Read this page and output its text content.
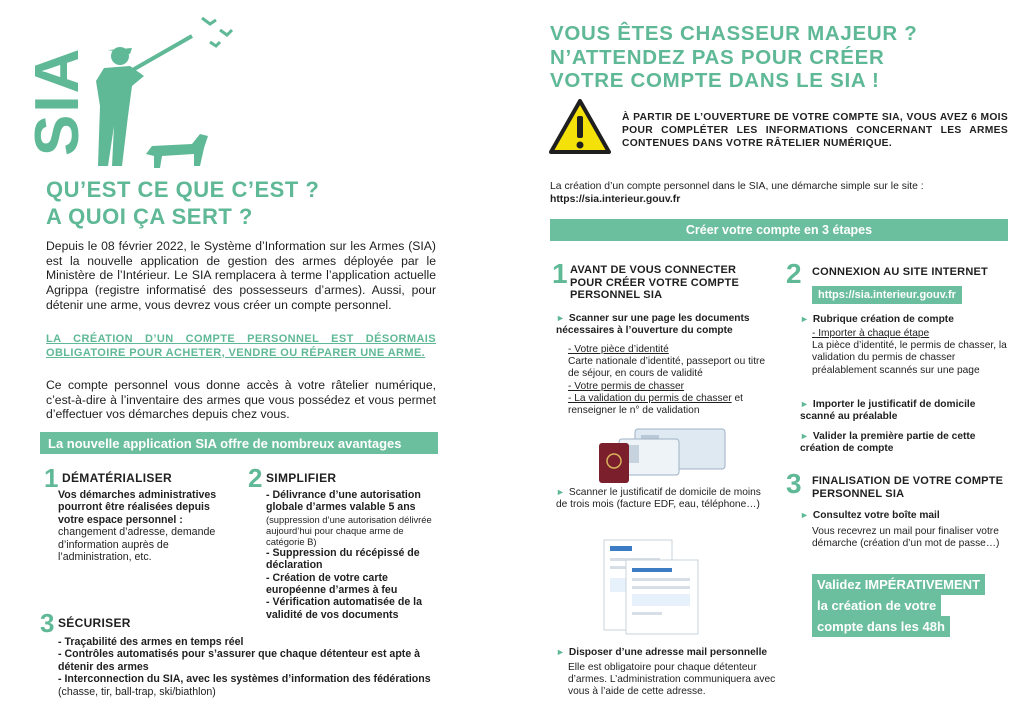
SIA
QU’EST CE QUE C’EST ?
A QUOI ÇA SERT ?

Depuis le 08 février 2022, le Système d’Information sur les Armes (SIA) est la nouvelle application de gestion des armes déployée par le Ministère de l’Intérieur. Le SIA remplacera à terme l’application actuelle Agrippa (registre informatisé des possesseurs d’armes). Aussi, pour détenir une arme, vous devrez vous créer un compte personnel.

LA CRÉATION D’UN COMPTE PERSONNEL EST DÉSORMAIS OBLIGATOIRE POUR ACHETER, VENDRE OU RÉPARER UNE ARME.

Ce compte personnel vous donne accès à votre râtelier numérique, c’est-à-dire à l’inventaire des armes que vous possédez et vous permet d’effectuer vos démarches depuis chez vous.

La nouvelle application SIA offre de nombreux avantages
1 DÉMATÉRIALISER
Vos démarches administratives pourront être réalisées depuis votre espace personnel : changement d’adresse, demande d’information auprès de l’administration, etc.
2 SIMPLIFIER
- Délivrance d’une autorisation globale d’armes valable 5 ans
(suppression d’une autorisation délivrée aujourd’hui pour chaque arme de catégorie B)
- Suppression du récépissé de déclaration
- Création de votre carte européenne d’armes à feu
- Vérification automatisée de la validité de vos documents
3 SÉCURISER
- Traçabilité des armes en temps réel
- Contrôles automatisés pour s’assurer que chaque détenteur est apte à détenir des armes
- Interconnection du SIA, avec les systèmes d’information des fédérations (chasse, tir, ball-trap, ski/biathlon)
VOUS ÊTES CHASSEUR MAJEUR ?
N’ATTENDEZ PAS POUR CRÉER
VOTRE COMPTE DANS LE SIA !

À PARTIR DE L’OUVERTURE DE VOTRE COMPTE SIA, VOUS AVEZ 6 MOIS POUR COMPLÉTER LES INFORMATIONS CONCERNANT LES ARMES CONTENUES DANS VOTRE RÂTELIER NUMÉRIQUE.

La création d’un compte personnel dans le SIA, une démarche simple sur le site :
https://sia.interieur.gouv.fr
Créer votre compte en 3 étapes
1 AVANT DE VOUS CONNECTER POUR CRÉER VOTRE COMPTE PERSONNEL SIA
► Scanner sur une page les documents nécessaires à l’ouverture du compte
- Votre pièce d’identité
Carte nationale d’identité, passeport ou titre de séjour, en cours de validité
- Votre permis de chasser
- La validation du permis de chasser et renseigner le n° de validation
► Scanner le justificatif de domicile de moins de trois mois (facture EDF, eau, téléphone…)
► Disposer d’une adresse mail personnelle
Elle est obligatoire pour chaque détenteur d’armes. L’administration communiquera avec vous à l’aide de cette adresse.
2 CONNEXION AU SITE INTERNET
https://sia.interieur.gouv.fr
► Rubrique création de compte
- Importer à chaque étape
La pièce d’identité, le permis de chasser, la validation du permis de chasser préalablement scannés sur une page
► Importer le justificatif de domicile scanné au préalable
► Valider la première partie de cette création de compte
3 FINALISATION DE VOTRE COMPTE PERSONNEL SIA
► Consultez votre boîte mail
Vous recevrez un mail pour finaliser votre démarche (création d’un mot de passe…)
Validez IMPÉRATIVEMENT
la création de votre
compte dans les 48h
